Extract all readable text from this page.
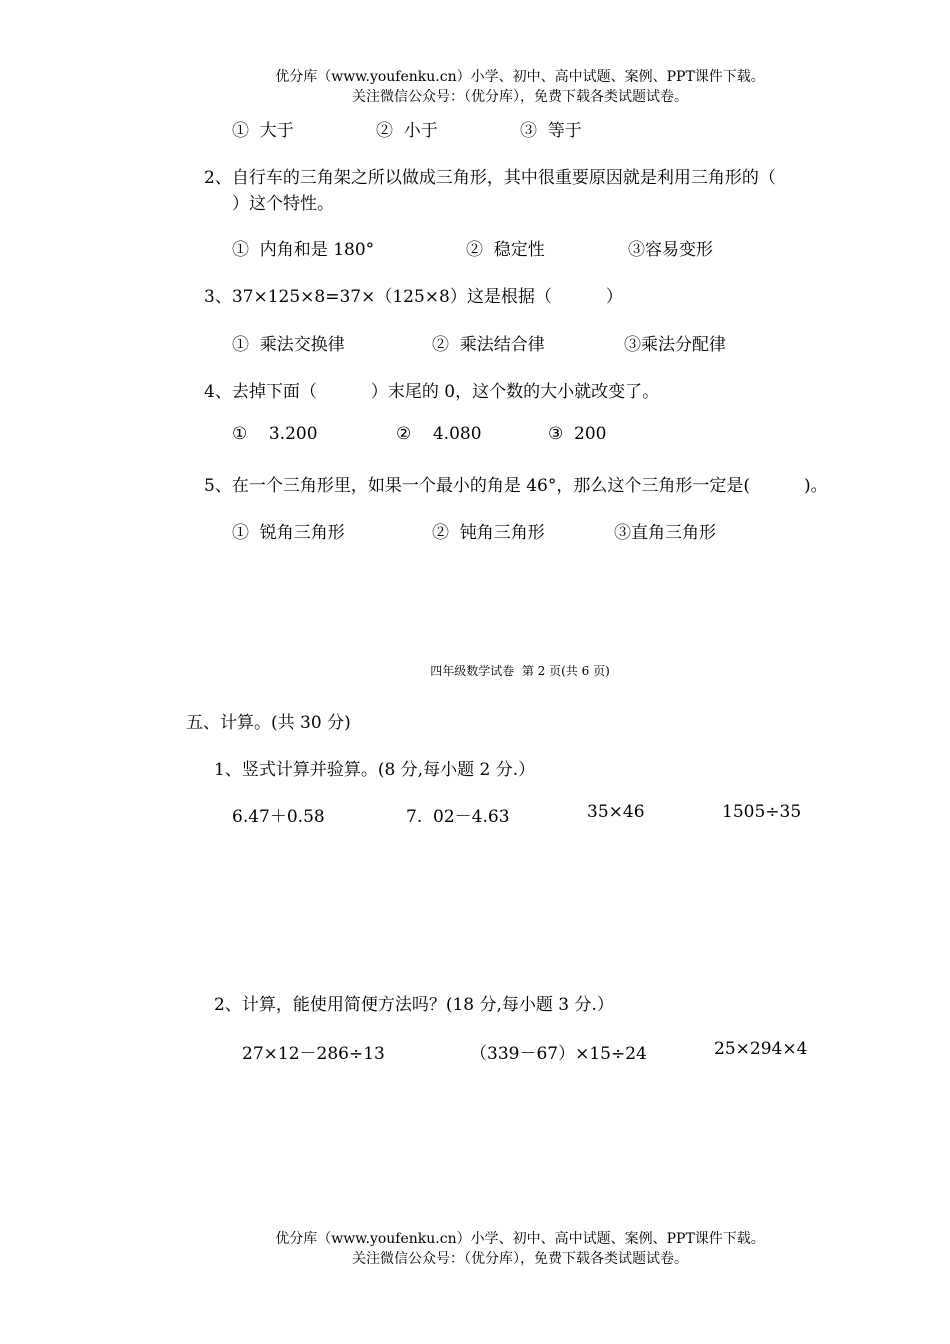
优分库（www.youfenku.cn）小学、初中、高中试题、案例、PPT课件下载。
关注微信公众号：（优分库），免费下载各类试题试卷。
①  大于	②  小于	③  等于
2、自行车的三角架之所以做成三角形，其中很重要原因就是利用三角形的（
）这个特性。
①  内角和是 180°	②  稳定性	③容易变形
3、37×125×8=37×（125×8）这是根据（          ）
①  乘法交换律	②  乘法结合律	③乘法分配律
4、去掉下面（          ）末尾的 0，这个数的大小就改变了。
①    3.200	②    4.080	③  200
5、在一个三角形里，如果一个最小的角是 46°，那么这个三角形一定是(          )。
①  锐角三角形	②  钝角三角形	③直角三角形
四年级数学试卷  第 2 页(共 6 页)
五、计算。(共 30 分)
1、竖式计算并验算。(8 分,每小题 2 分.）
6.47＋0.58	7.  02－4.63	35×46	1505÷35
2、计算，能使用简便方法吗？(18 分,每小题 3 分.）
27×12－286÷13	（339－67）×15÷24	25×294×4
优分库（www.youfenku.cn）小学、初中、高中试题、案例、PPT课件下载。
关注微信公众号：（优分库），免费下载各类试题试卷。
